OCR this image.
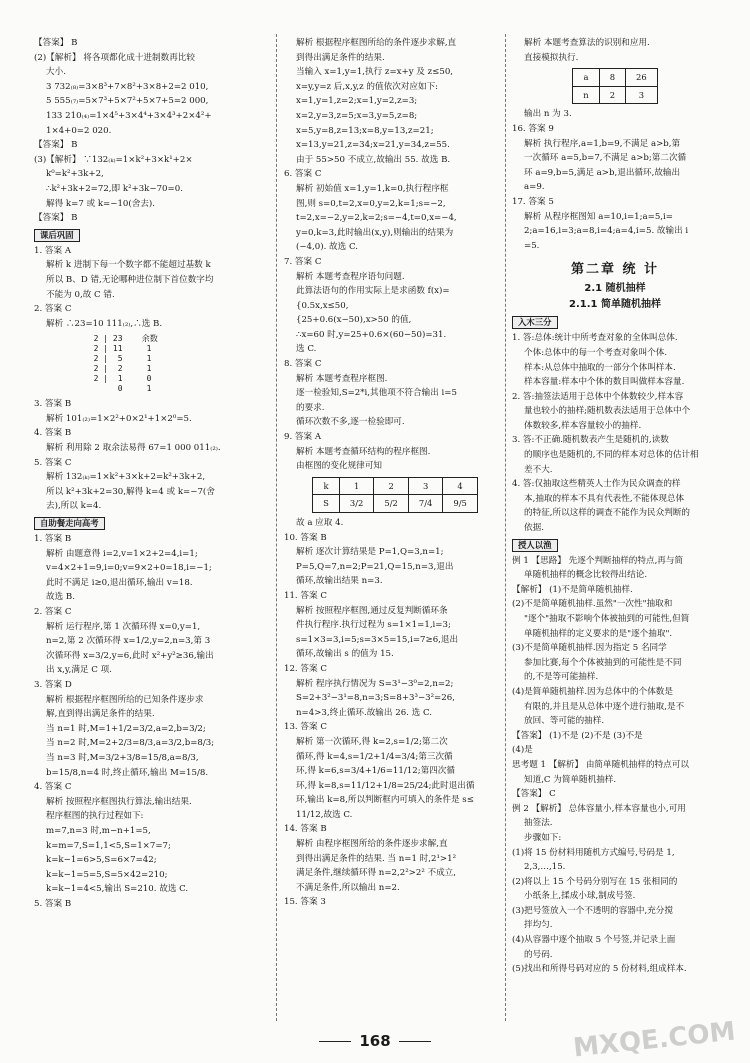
【答案】 B
(2)【解析】 将各项都化成十进制数再比较
大小.
3 732₍₈₎=3×8³+7×8²+3×8+2=2 010,
5 555₍₇₎=5×7³+5×7²+5×7+5=2 000,
133 210₍₄₎=1×4⁵+3×4⁴+3×4³+2×4²+
1×4+0=2 020.
【答案】 B
(3)【解析】 ∵132₍ₖ₎=1×k²+3×k¹+2×
k⁰=k²+3k+2,
∴k²+3k+2=72,即 k²+3k−70=0.
解得 k=7 或 k=−10(舍去).
【答案】 B
课后巩固
1. 答案 A
解析 k 进制下每一个数字都不能超过基数 k
所以 B、D 错,无论哪种进位制下首位数字均
不能为 0,故 C 错.
2. 答案 C
解析 ∴23=10 111₍₂₎,∴选 B.
2 | 23    余数
2 | 11     1
2 |  5     1
2 |  2     1
2 |  1     0
0     1
3. 答案 B
解析 101₍₂₎=1×2²+0×2¹+1×2⁰=5.
4. 答案 B
解析 利用除 2 取余法易得 67=1 000 011₍₂₎.
5. 答案 C
解析 132₍ₖ₎=1×k²+3×k+2=k²+3k+2,
所以 k²+3k+2=30,解得 k=4 或 k=−7(舍
去),所以 k=4.
自助餐走向高考
1. 答案 B
解析 由题意得 i=2,v=1×2+2=4,i=1;
v=4×2+1=9,i=0;v=9×2+0=18,i=−1;
此时不满足 i≥0,退出循环,输出 v=18.
故选 B.
2. 答案 C
解析 运行程序,第 1 次循环得 x=0,y=1,
n=2,第 2 次循环得 x=1/2,y=2,n=3,第 3
次循环得 x=3/2,y=6,此时 x²+y²≥36,输出
出 x,y,满足 C 项.
3. 答案 D
解析 根据程序框图所给的已知条件逐步求
解,直到得出满足条件的结果.
当 n=1 时,M=1+1/2=3/2,a=2,b=3/2;
当 n=2 时,M=2+2/3=8/3,a=3/2,b=8/3;
当 n=3 时,M=3/2+3/8=15/8,a=8/3,
b=15/8,n=4 时,终止循环,输出 M=15/8.
4. 答案 C
解析 按照程序框图执行算法,输出结果.
程序框图的执行过程如下:
m=7,n=3 时,m−n+1=5,
k=m=7,S=1,1<5,S=1×7=7;
k=k−1=6>5,S=6×7=42;
k=k−1=5=5,S=5×42=210;
k=k−1=4<5,输出 S=210. 故选 C.
5. 答案 B
解析 根据程序框图所给的条件逐步求解,直
到得出满足条件的结果.
当输入 x=1,y=1,执行 z=x+y 及 z≤50,
x=y,y=z 后,x,y,z 的值依次对应如下:
x=1,y=1,z=2;x=1,y=2,z=3;
x=2,y=3,z=5;x=3,y=5,z=8;
x=5,y=8,z=13;x=8,y=13,z=21;
x=13,y=21,z=34;x=21,y=34,z=55.
由于 55>50 不成立,故输出 55. 故选 B.
6. 答案 C
解析 初始值 x=1,y=1,k=0,执行程序框
图,则 s=0,t=2,x=0,y=2,k=1;s=−2,
t=2,x=−2,y=2,k=2;s=−4,t=0,x=−4,
y=0,k=3,此时输出(x,y),则输出的结果为
(−4,0). 故选 C.
7. 答案 C
解析 本题考查程序语句问题.
此算法语句的作用实际上是求函数 f(x)=
{0.5x,x≤50,
{25+0.6(x−50),x>50 的值,
∴x=60 时,y=25+0.6×(60−50)=31.
选 C.
8. 答案 C
解析 本题考查程序框图.
逐一检验知,S=2*i,其他项不符合输出 i=5
的要求.
循环次数不多,逐一检验即可.
9. 答案 A
解析 本题考查循环结构的程序框图.
由框图的变化规律可知
k	1	2	3	4
S	3/2	5/2	7/4	9/5
故 a 应取 4.
10. 答案 B
解析 逐次计算结果是 P=1,Q=3,n=1;
P=5,Q=7,n=2;P=21,Q=15,n=3,退出
循环,故输出结果 n=3.
11. 答案 C
解析 按照程序框图,通过反复判断循环条
件执行程序.执行过程为 s=1×1=1,i=3;
s=1×3=3,i=5;s=3×5=15,i=7≥6,退出
循环,故输出 s 的值为 15.
12. 答案 C
解析 程序执行情况为 S=3¹−3⁰=2,n=2;
S=2+3²−3¹=8,n=3;S=8+3³−3²=26,
n=4>3,终止循环.故输出 26. 选 C.
13. 答案 C
解析 第一次循环,得 k=2,s=1/2;第二次
循环,得 k=4,s=1/2+1/4=3/4;第三次循
环,得 k=6,s=3/4+1/6=11/12;第四次循
环,得 k=8,s=11/12+1/8=25/24;此时退出循
环,输出 k=8,所以判断框内可填入的条件是 s≤
11/12,故选 C.
14. 答案 B
解析 由程序框图所给的条件逐步求解,直
到得出满足条件的结果. 当 n=1 时,2¹>1²
满足条件,继续循环得 n=2,2²>2² 不成立,
不满足条件,所以输出 n=2.
15. 答案 3
解析 本题考查算法的识别和应用.
直接模拟执行.
a	8	26
n	2	3
输出 n 为 3.
16. 答案 9
解析 执行程序,a=1,b=9,不满足 a>b,第
一次循环 a=5,b=7,不满足 a>b;第二次循
环 a=9,b=5,满足 a>b,退出循环,故输出
a=9.
17. 答案 5
解析 从程序框图知 a=10,i=1;a=5,i=
2;a=16,i=3;a=8,i=4;a=4,i=5. 故输出 i
=5.
第二章 统 计
2.1 随机抽样
2.1.1 简单随机抽样
入木三分
1. 答:总体:统计中所考查对象的全体叫总体.
个体:总体中的每一个考查对象叫个体.
样本:从总体中抽取的一部分个体叫样本.
样本容量:样本中个体的数目叫做样本容量.
2. 答:抽签法适用于总体中个体数较少,样本容
量也较小的抽样;随机数表法适用于总体中个
体数较多,样本容量较小的抽样.
3. 答:不正确.随机数表产生是随机的,读数
的顺序也是随机的,不同的样本对总体的估计相
差不大.
4. 答:仅抽取这些精英人士作为民众调查的样
本,抽取的样本不具有代表性,不能体现总体
的特征,所以这样的调查不能作为民众判断的
依据.
授人以渔
例 1 【思路】 先逐个判断抽样的特点,再与简
单随机抽样的概念比较得出结论.
【解析】 (1)不是简单随机抽样.
(2)不是简单随机抽样.虽然"一次性"抽取和
"逐个"抽取不影响个体被抽到的可能性,但简
单随机抽样的定义要求的是"逐个抽取".
(3)不是简单随机抽样.因为指定 5 名同学
参加比赛,每个个体被抽到的可能性是不同
的,不是等可能抽样.
(4)是简单随机抽样.因为总体中的个体数是
有限的,并且是从总体中逐个进行抽取,是不
放回、等可能的抽样.
【答案】 (1)不是 (2)不是 (3)不是
(4)是
思考题 1 【解析】 由简单随机抽样的特点可以
知道,C 为简单随机抽样.
【答案】 C
例 2 【解析】 总体容量小,样本容量也小,可用
抽签法.
步骤如下:
(1)将 15 份材料用随机方式编号,号码是 1,
2,3,…,15.
(2)将以上 15 个号码分别写在 15 张相同的
小纸条上,揉成小球,制成号签.
(3)把号签放入一个不透明的容器中,充分搅
拌均匀.
(4)从容器中逐个抽取 5 个号签,并记录上面
的号码.
(5)找出和所得号码对应的 5 份材料,组成样本.
168	MXQE.COM
